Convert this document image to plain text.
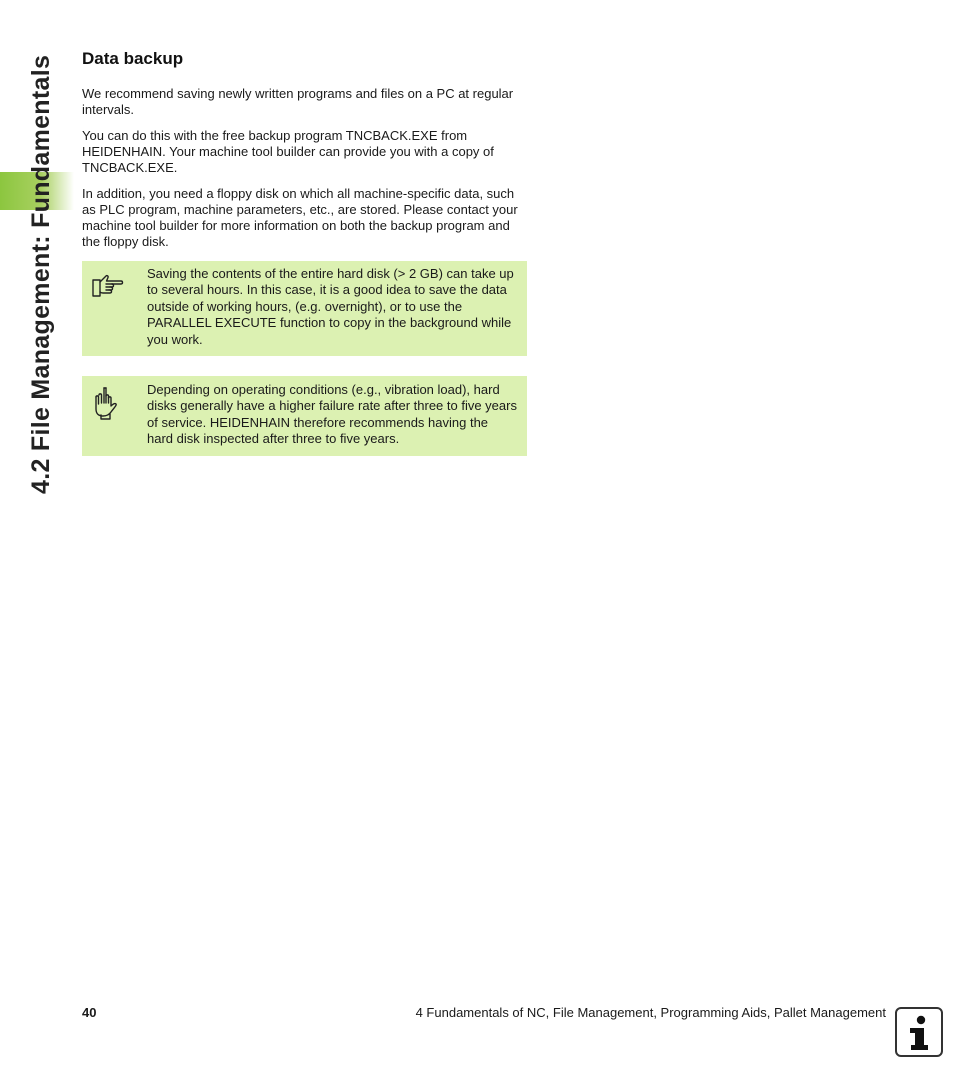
4.2 File Management: Fundamentals Data backup

We recommend saving newly written programs and files on a PC at regular intervals.

You can do this with the free backup program TNCBACK.EXE from HEIDENHAIN. Your machine tool builder can provide you with a copy of TNCBACK.EXE.

In addition, you need a floppy disk on which all machine-specific data, such as PLC program, machine parameters, etc., are stored. Please contact your machine tool builder for more information on both the backup program and the floppy disk.

Saving the contents of the entire hard disk (> 2 GB) can take up to several hours. In this case, it is a good idea to save the data outside of working hours, (e.g. overnight), or to use the PARALLEL EXECUTE function to copy in the background while you work.
Depending on operating conditions (e.g., vibration load), hard disks generally have a higher failure rate after three to five years of service. HEIDENHAIN therefore recommends having the hard disk inspected after three to five years.
40	4 Fundamentals of NC, File Management, Programming Aids, Pallet Management
